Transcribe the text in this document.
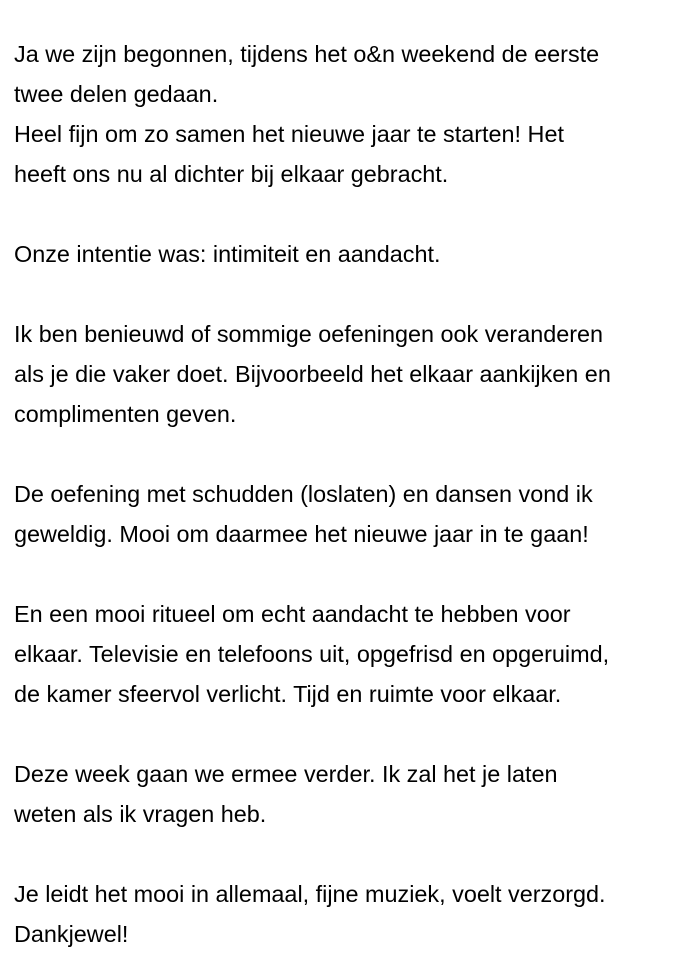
Ja we zijn begonnen, tijdens het o&n weekend de eerste
twee delen gedaan.
Heel fijn om zo samen het nieuwe jaar te starten! Het
heeft ons nu al dichter bij elkaar gebracht.

Onze intentie was: intimiteit en aandacht.

Ik ben benieuwd of sommige oefeningen ook veranderen
als je die vaker doet. Bijvoorbeeld het elkaar aankijken en
complimenten geven.

De oefening met schudden (loslaten) en dansen vond ik
geweldig. Mooi om daarmee het nieuwe jaar in te gaan!

En een mooi ritueel om echt aandacht te hebben voor
elkaar. Televisie en telefoons uit, opgefrisd en opgeruimd,
de kamer sfeervol verlicht. Tijd en ruimte voor elkaar.

Deze week gaan we ermee verder. Ik zal het je laten
weten als ik vragen heb.

Je leidt het mooi in allemaal, fijne muziek, voelt verzorgd.
Dankjewel!
